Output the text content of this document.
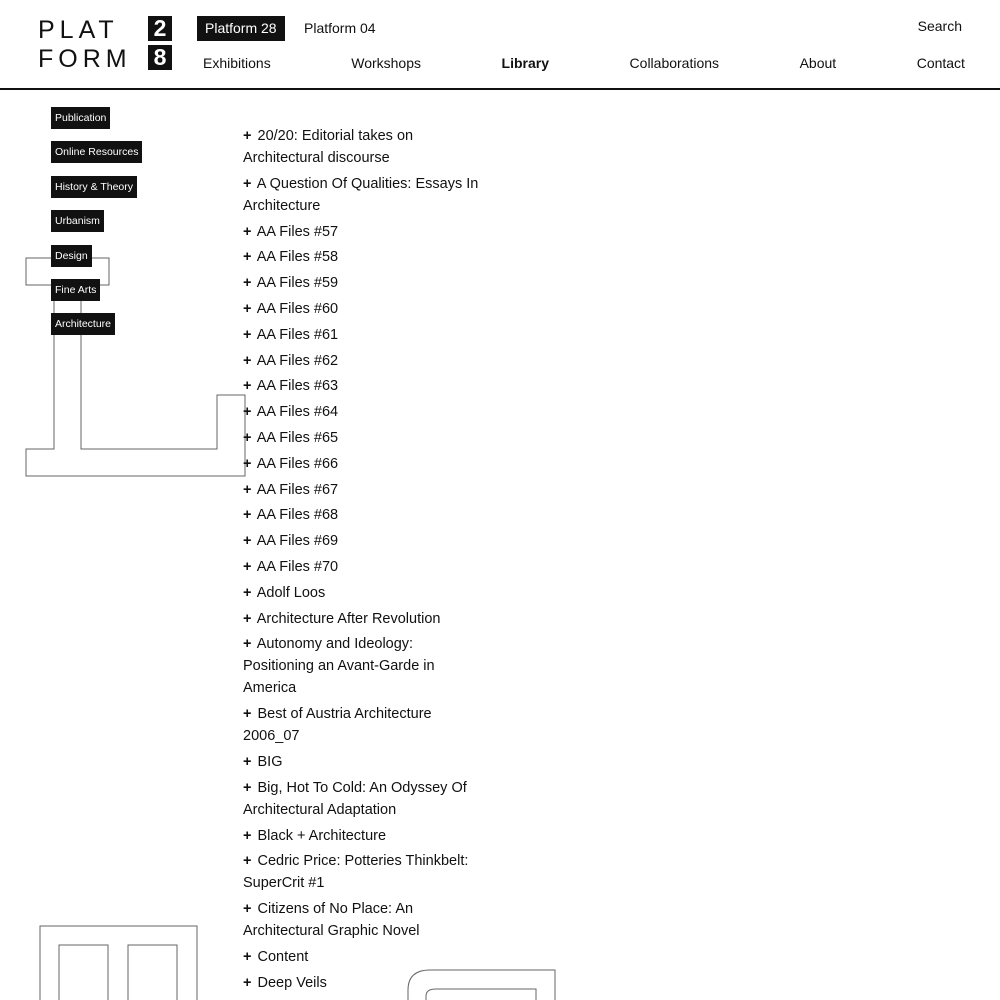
PLAT
FORM
2
8
Platform 28	Platform 04	Search
Exhibitions	Workshops	Library	Collaborations	About	Contact
Publication
Online Resources
History & Theory
Urbanism
Design
Fine Arts
Architecture
+ 20/20: Editorial takes on Architectural discourse
+ A Question Of Qualities: Essays In Architecture
+ AA Files #57
+ AA Files #58
+ AA Files #59
+ AA Files #60
+ AA Files #61
+ AA Files #62
+ AA Files #63
+ AA Files #64
+ AA Files #65
+ AA Files #66
+ AA Files #67
+ AA Files #68
+ AA Files #69
+ AA Files #70
+ Adolf Loos
+ Architecture After Revolution
+ Autonomy and Ideology: Positioning an Avant-Garde in America
+ Best of Austria Architecture 2006_07
+ BIG
+ Big, Hot To Cold: An Odyssey Of Architectural Adaptation
+ Black + Architecture
+ Cedric Price: Potteries Thinkbelt: SuperCrit #1
+ Citizens of No Place: An Architectural Graphic Novel
+ Content
+ Deep Veils
